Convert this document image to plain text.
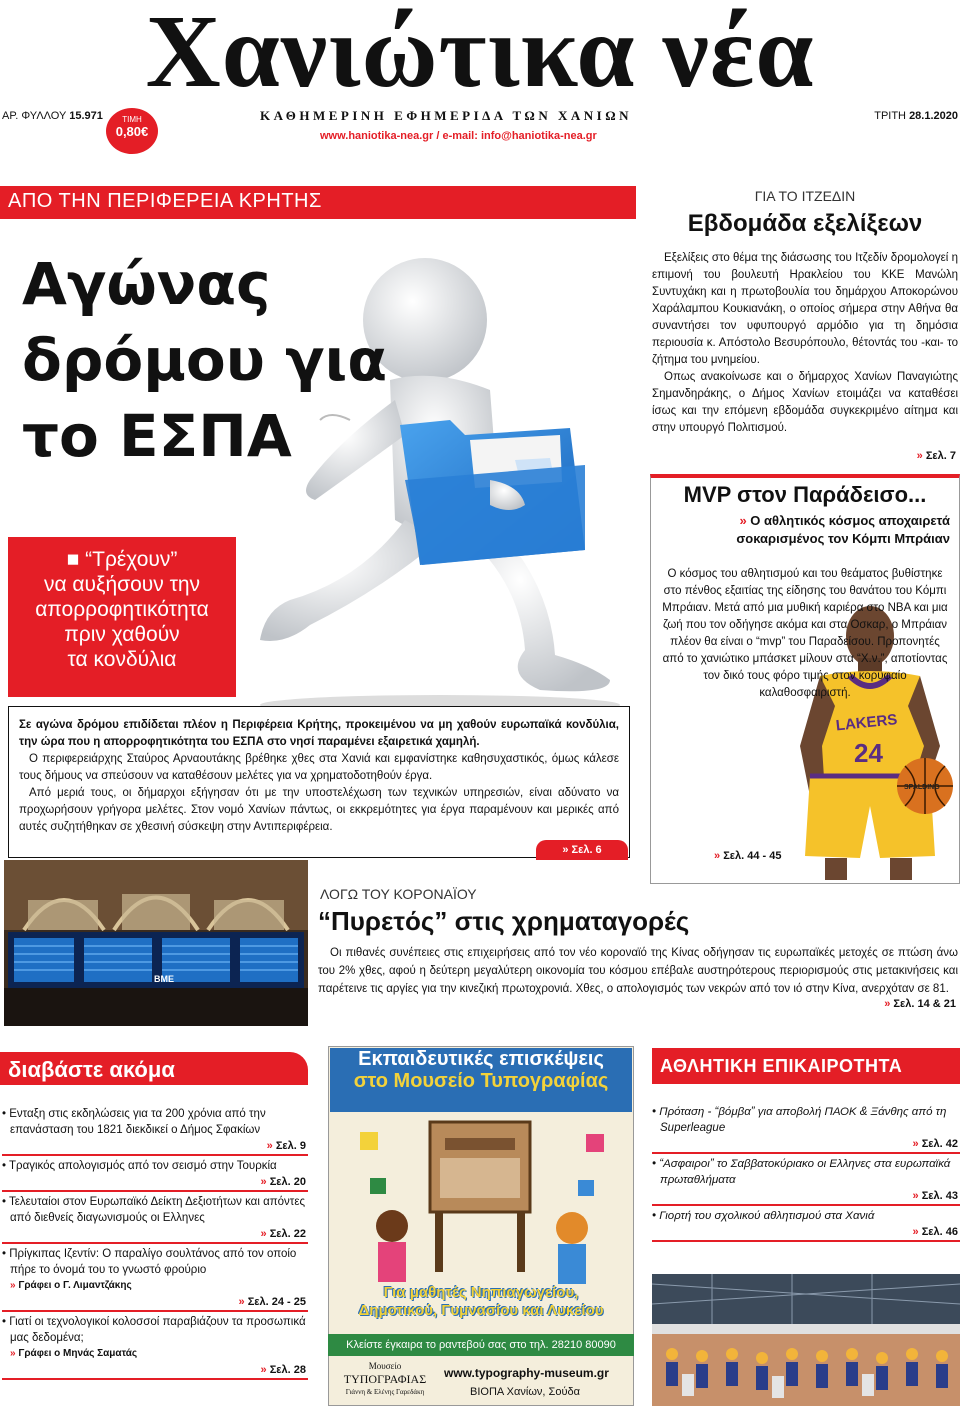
Χανιώτικα νέα
ΑΡ. ΦΥΛΛΟΥ 15.971	ΤΙΜΗ
0,80€
ΚΑΘΗΜΕΡΙΝΗ ΕΦΗΜΕΡΙΔΑ ΤΩΝ ΧΑΝΙΩΝ	ΤΡΙΤΗ 28.1.2020
www.haniotika-nea.gr / e-mail: info@haniotika-nea.gr
ΑΠΟ ΤΗΝ ΠΕΡΙΦΕΡΕΙΑ ΚΡΗΤΗΣ
Αγώνας
δρόμου για
το ΕΣΠΑ
■ “Τρέχουν”
να αυξήσουν την
απορροφητικότητα
πριν χαθούν
τα κονδύλια

Σε αγώνα δρόμου επιδίδεται πλέον η Περιφέρεια Κρήτης, προκειμένου να μη χαθούν ευρωπαϊκά κονδύλια, την ώρα που η απορροφητικότητα του ΕΣΠΑ στο νησί παραμένει εξαιρετικά χαμηλή.

Ο περιφερειάρχης Σταύρος Αρναουτάκης βρέθηκε χθες στα Χανιά και εμφανίστηκε καθησυχαστικός, όμως κάλεσε τους δήμους να σπεύσουν να καταθέσουν μελέτες για να χρηματοδοτηθούν έργα.

Από μεριά τους, οι δήμαρχοι εξήγησαν ότι με την υποστελέχωση των τεχνικών υπηρεσιών, είναι αδύνατο να προχωρήσουν γρήγορα μελέτες. Στον νομό Χανίων πάντως, οι εκκρεμότητες για έργα παραμένουν και μερικές από αυτές συζητήθηκαν σε χθεσινή σύσκεψη στην Αντιπεριφέρεια.

» Σελ. 6
ΓΙΑ ΤΟ ΙΤΖΕΔΙΝ
Εβδομάδα εξελίξεων

Εξελίξεις στο θέμα της διάσωσης του Ιτζεδίν δρομολογεί η επιμονή του βουλευτή Ηρακλείου του ΚΚΕ Μανώλη Συντυχάκη και η πρωτοβουλία του δημάρχου Αποκορώνου Χαράλαμπου Κουκιανάκη, ο οποίος σήμερα στην Αθήνα θα συναντήσει τον υφυπουργό αρμόδιο για τη δημόσια περιουσία κ. Απόστολο Βεσυρόπουλο, θέτοντάς του -και- το ζήτημα του μνημείου.

Οπως ανακοίνωσε και ο δήμαρχος Χανίων Παναγιώτης Σημανδηράκης, ο Δήμος Χανίων ετοιμάζει να καταθέσει ίσως και την επόμενη εβδομάδα συγκεκριμένο αίτημα και στην υπουργό Πολιτισμού.

» Σελ. 7
MVP στον Παράδεισο...
» Ο αθλητικός κόσμος αποχαιρετά
σοκαρισμένος τον Κόμπι Μπράιαν
LAKERS
24
SPALDING
Ο κόσμος του αθλητισμού και του θεάματος βυθίστηκε στο πένθος εξαιτίας της είδησης του θανάτου του Κόμπι Μπράιαν. Μετά από μια μυθική καριέρα στο NBA και μια ζωή που τον οδήγησε ακόμα και στα Οσκαρ, ο Μπράιαν πλέον θα είναι ο “mvp” του Παραδείσου. Προπονητές από το χανιώτικο μπάσκετ μίλουν στα “Χ.ν.”, αποτίοντας τον δικό τους φόρο τιμής στον κορυφαίο καλαθοσφαιριστή.
» Σελ. 44 - 45
BME
ΛΟΓΩ ΤΟΥ ΚΟΡΟΝΑΪΟΥ
“Πυρετός” στις χρηματαγορές
Οι πιθανές συνέπειες στις επιχειρήσεις από τον νέο κοροναϊό της Κίνας οδήγησαν τις ευρωπαϊκές μετοχές σε πτώση άνω του 2% χθες, αφού η δεύτερη μεγαλύτερη οικονομία του κόσμου επέβαλε αυστηρότερους περιορισμούς στις μετακινήσεις και παρέτεινε τις αργίες για την κινεζική πρωτοχρονιά. Χθες, ο απολογισμός των νεκρών από τον ιό στην Κίνα, ανερχόταν σε 81.
» Σελ. 14 & 21
διαβάστε ακόμα
• Ενταξη στις εκδηλώσεις για τα 200 χρόνια από την επανάσταση του 1821 διεκδικεί ο Δήμος Σφακίων
» Σελ. 9
• Τραγικός απολογισμός από τον σεισμό στην Τουρκία
» Σελ. 20
• Τελευταίοι στον Ευρωπαϊκό Δείκτη Δεξιοτήτων και απόντες από διεθνείς διαγωνισμούς οι Ελληνες
» Σελ. 22
• Πρίγκιπας Ιζεντίν: Ο παραλίγο σουλτάνος από τον οποίο πήρε το όνομά του το γνωστό φρούριο
» Γράφει ο Γ. Λιμαντζάκης
» Σελ. 24 - 25
• Γιατί οι τεχνολογικοί κολοσσοί παραβιάζουν τα προσωπικά μας δεδομένα;
» Γράφει ο Μηνάς Σαματάς
» Σελ. 28
Εκπαιδευτικές επισκέψεις
στο Μουσείο Τυπογραφίας
Για μαθητές Νηπιαγωγείου,
Δημοτικού, Γυμνασίου και Λυκείου
Κλείστε έγκαιρα το ραντεβού σας στο τηλ. 28210 80090
Μουσείο
ΤΥΠΟΓΡΑΦΙΑΣ
Γιάννη & Ελένης Γαρεδάκη
www.typography-museum.gr
ΒΙΟΠΑ Χανίων, Σούδα
ΑΘΛΗΤΙΚΗ ΕΠΙΚΑΙΡΟΤΗΤΑ
• Πρόταση - “βόμβα” για αποβολή ΠΑΟΚ & Ξάνθης από τη Superleague
» Σελ. 42
• “Ασφαιροι” το Σαββατοκύριακο οι Ελληνες στα ευρωπαϊκά πρωταθλήματα
» Σελ. 43
• Γιορτή του σχολικού αθλητισμού στα Χανιά
» Σελ. 46
